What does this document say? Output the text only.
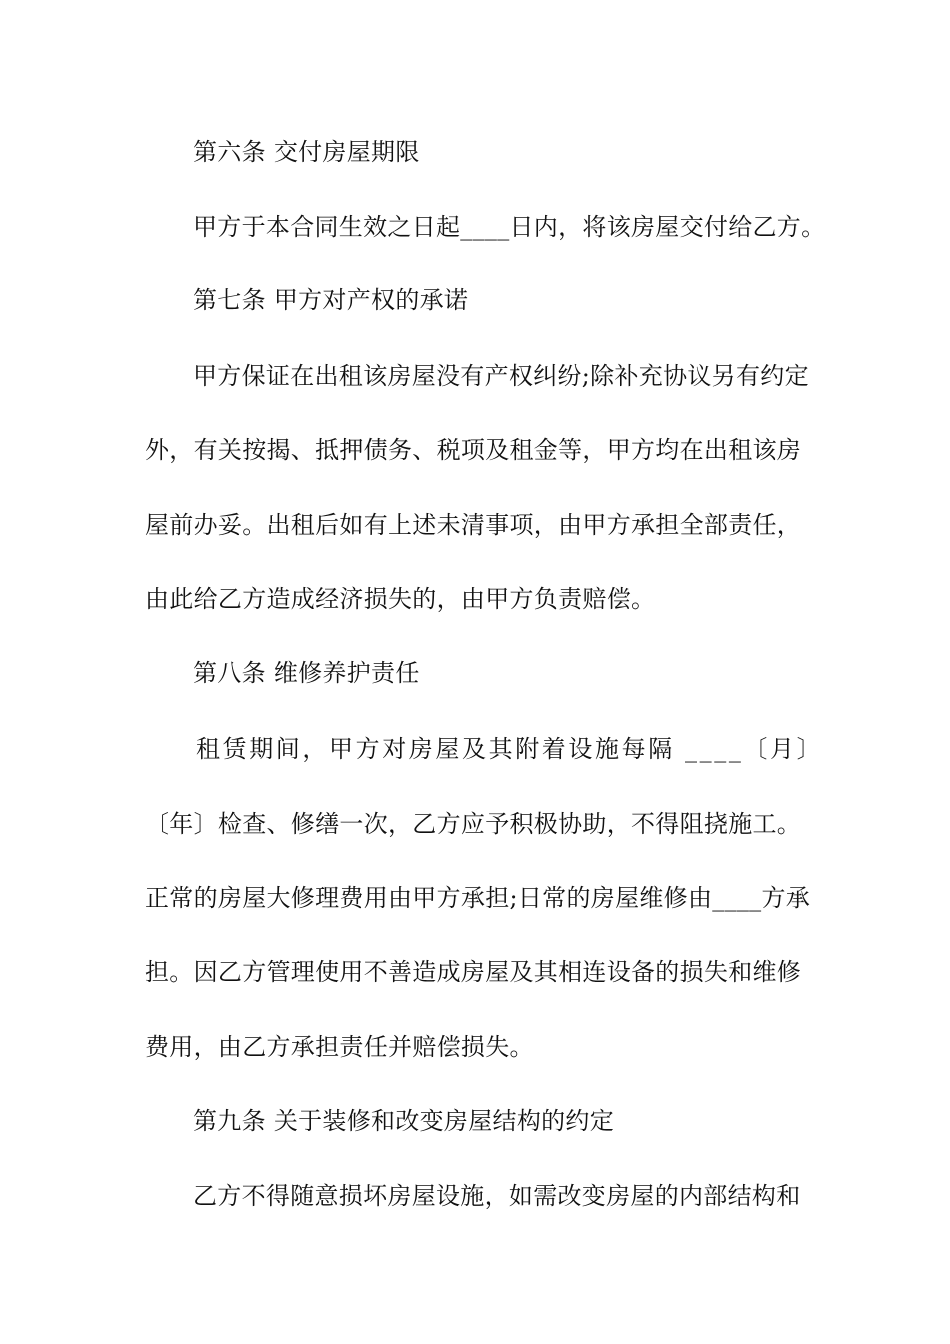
第六条 交付房屋期限
甲方于本合同生效之日起____日内，将该房屋交付给乙方。
第七条 甲方对产权的承诺
甲方保证在出租该房屋没有产权纠纷;除补充协议另有约定
外，有关按揭、抵押债务、税项及租金等，甲方均在出租该房
屋前办妥。出租后如有上述未清事项，由甲方承担全部责任，
由此给乙方造成经济损失的，由甲方负责赔偿。
第八条 维修养护责任
租赁期间，甲方对房屋及其附着设施每隔 ____〔月〕
〔年〕检查、修缮一次，乙方应予积极协助，不得阻挠施工。
正常的房屋大修理费用由甲方承担;日常的房屋维修由____方承
担。因乙方管理使用不善造成房屋及其相连设备的损失和维修
费用，由乙方承担责任并赔偿损失。
第九条 关于装修和改变房屋结构的约定
乙方不得随意损坏房屋设施，如需改变房屋的内部结构和
